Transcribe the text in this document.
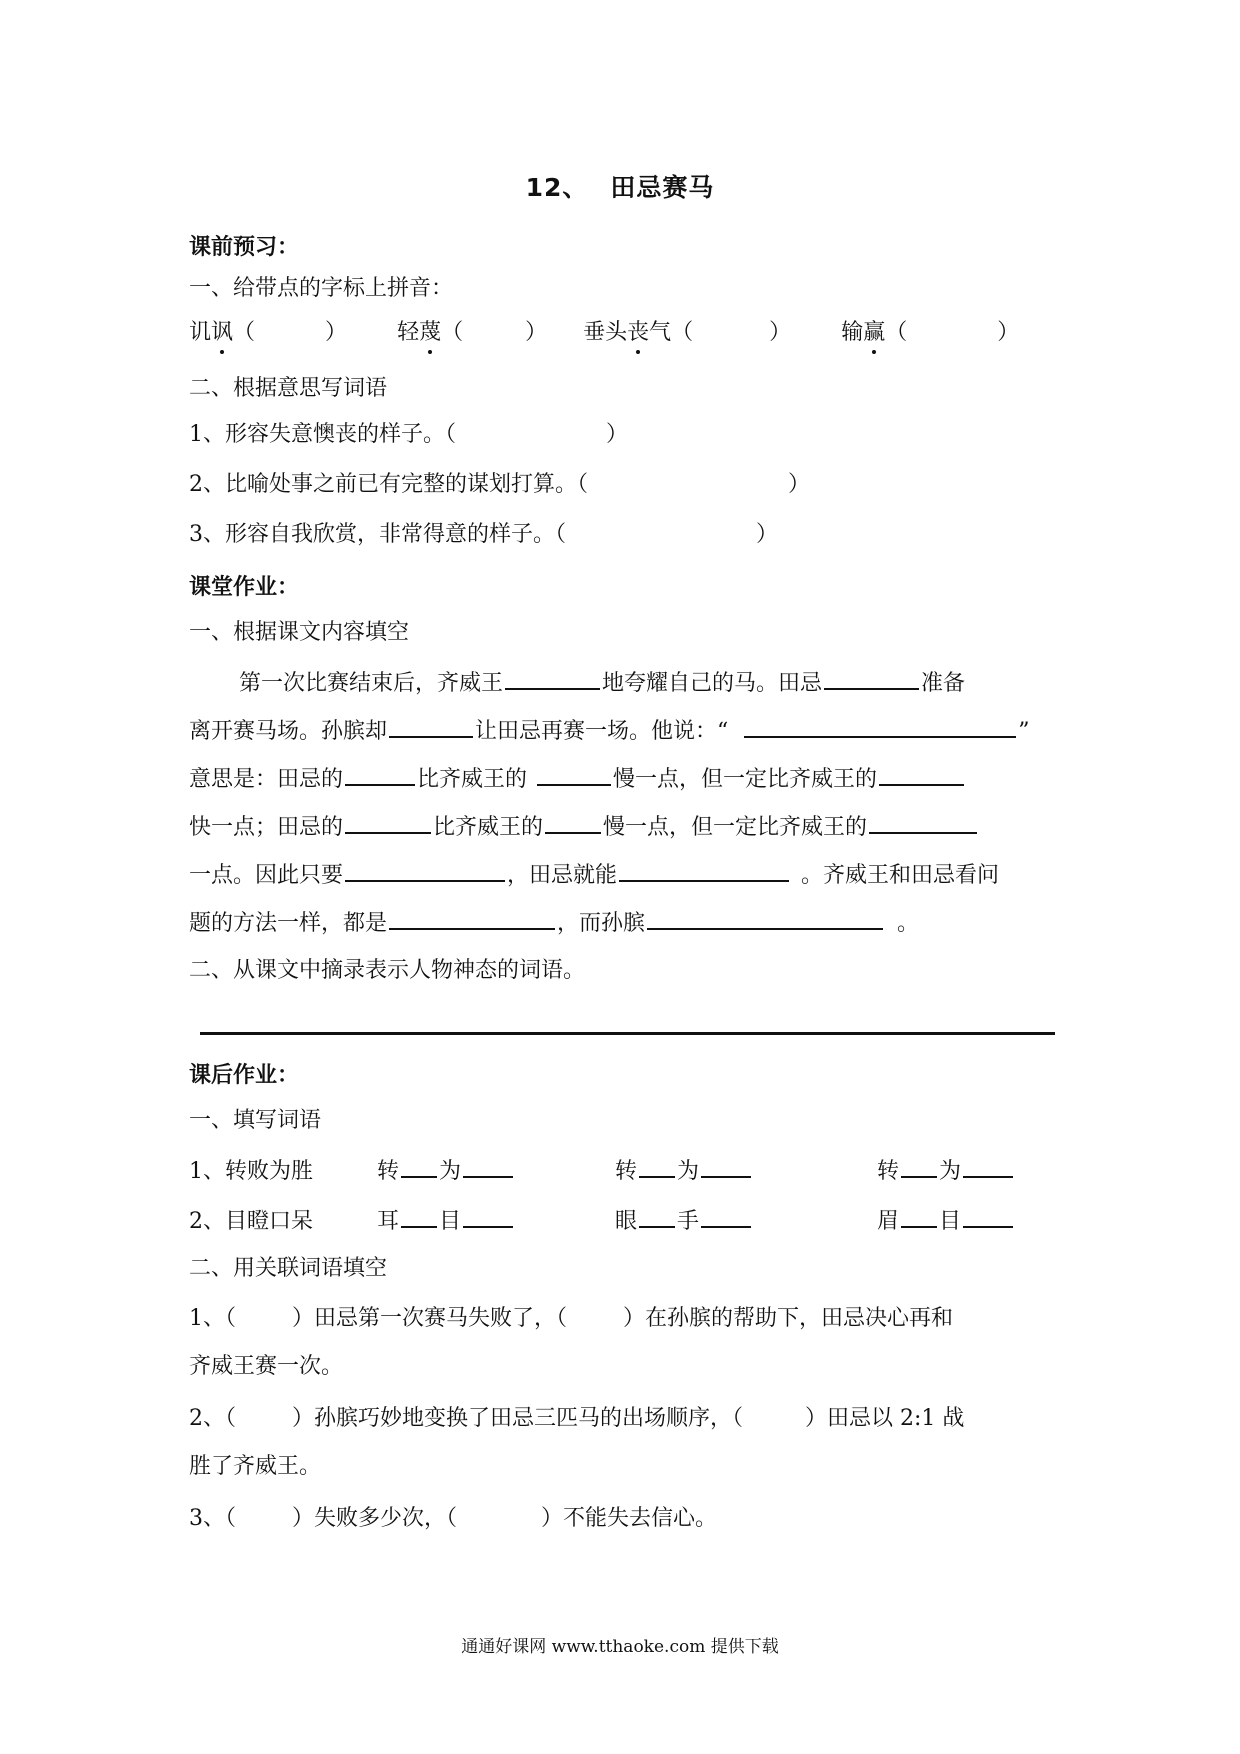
12、 田忌赛马
课前预习：
一、给带点的字标上拼音：
讥讽（	） 轻蔑（	） 垂头丧气（	） 输赢（	）
二、根据意思写词语
1、形容失意懊丧的样子。（	）
2、比喻处事之前已有完整的谋划打算。（	）
3、形容自我欣赏，非常得意的样子。（	）
课堂作业：
一、根据课文内容填空
第一次比赛结束后，齐威王	地夸耀自己的马。田忌	准备
离开赛马场。孙膑却	让田忌再赛一场。他说：“	”
意思是：田忌的	比齐威王的	慢一点，但一定比齐威王的
快一点；田忌的	比齐威王的	慢一点，但一定比齐威王的
一点。因此只要	，田忌就能	。齐威王和田忌看问
题的方法一样，都是	，而孙膑	。
二、从课文中摘录表示人物神态的词语。
课后作业：
一、填写词语
1、转败为胜	转 为	转 为	转 为
2、目瞪口呆	耳 目	眼 手	眉 目
二、用关联词语填空
1、（	）田忌第一次赛马失败了，（	）在孙膑的帮助下，田忌决心再和
齐威王赛一次。
2、（	）孙膑巧妙地变换了田忌三匹马的出场顺序，（	）田忌以 2:1 战
胜了齐威王。
3、（	）失败多少次，（	）不能失去信心。
通通好课网 www.tthaoke.com 提供下载
